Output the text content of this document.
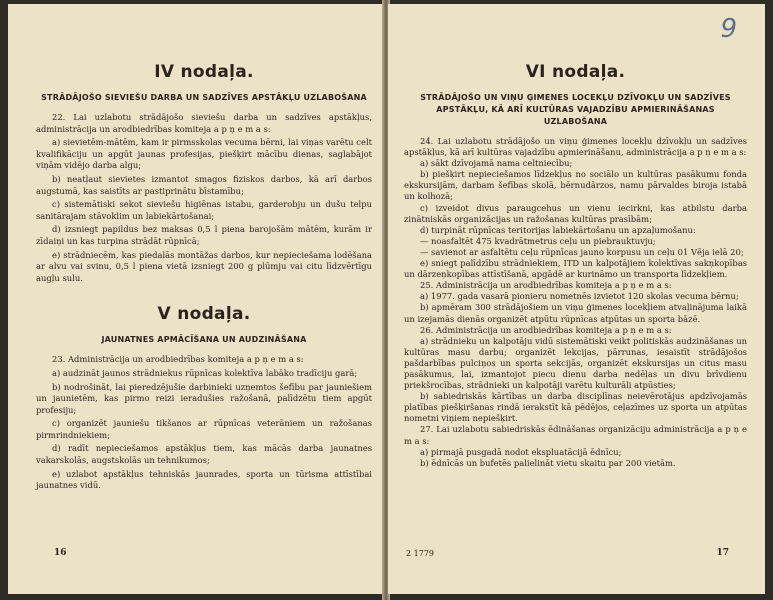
​
IV nodaļa.
STRĀDĀJOŠO SIEVIEŠU DARBA UN SADZĪVES APSTĀKĻU UZLABOŠANA

22. Lai uzlabotu strādājošo sieviešu darba un sadzīves apstākļus, administrācija un arodbiedrības komiteja a p ņ e m a s:

a) sievietēm-mātēm, kam ir pirmsskolas vecuma bērni, lai viņas varētu celt kvalifikāciju un apgūt jaunas profesijas, piešķirt mācību dienas, saglabājot viņām vidējo darba algu;

b) neatļaut sievietes izmantot smagos fiziskos darbos, kā arī darbos augstumā, kas saistīts ar pastiprinātu bīstamību;

c) sistemātiski sekot sieviešu higiēnas istabu, garderobju un dušu telpu sanitārajam stāvoklim un labiekārtošanai;

d) izsniegt papildus bez maksas 0,5 l piena barojošām mātēm, kurām ir zīdaiņi un kas turpina strādāt rūpnīcā;

e) strādniecēm, kas piedalās montāžas darbos, kur nepieciešama lodēšana ar alvu vai svinu, 0,5 l piena vietā izsniegt 200 g plūmju vai citu līdzvērtīgu augļu sulu.

V nodaļa.
JAUNATNES APMĀCĪŠANA UN AUDZINĀŠANA

23. Administrācija un arodbiedrības komiteja a p ņ e m a s:

a) audzināt jaunos strādniekus rūpnīcas kolektīva labāko tradīciju garā;

b) nodrošināt, lai pieredzējušie darbinieki uzņemtos šefību par jauniešiem un jaunietēm, kas pirmo reizi ieradušies ražošanā, palīdzētu tiem apgūt profesiju;

c) organizēt jauniešu tikšanos ar rūpnīcas veterāniem un ražošanas pirmrindniekiem;

d) radīt nepieciešamos apstākļus tiem, kas mācās darba jaunatnes vakarskolās, augstskolās un tehnikumos;

e) uzlabot apstākļus tehniskās jaunrades, sporta un tūrisma attīstībai jaunatnes vidū.

16
9
VI nodaļa.
STRĀDĀJOŠO UN VIŅU ĢIMENES LOCEKĻU DZĪVOKĻU UN SADZĪVES APSTĀKĻU, KĀ ARĪ KULTŪRAS VAJADZĪBU APMIERINĀŠANAS UZLABOŠANA

24. Lai uzlabotu strādājošo un viņu ģimenes locekļu dzīvokļu un sadzīves apstākļus, kā arī kultūras vajadzību apmierināšanu, administrācija a p ņ e m a s:

a) sākt dzīvojamā nama celtniecību;

b) piešķirt nepieciešamos līdzekļus no sociālo un kultūras pasākumu fonda ekskursijām, darbam šefības skolā, bērnudārzos, namu pārvaldes biroja istabā un kolhozā;

c) izveidot divus paraugcehus un vienu iecirkni, kas atbilstu darba zinātniskās organizācijas un ražošanas kultūras prasībām;

d) turpināt rūpnīcas teritorijas labiekārtošanu un apzaļumošanu:

— noasfaltēt 475 kvadrātmetrus ceļu un piebrauktuvju;

— savienot ar asfaltētu ceļu rūpnīcas jauno korpusu un ceļu 01 Vējа ielā 20;

e) sniegt palīdzību strādniekiem, ITD un kalpotājiem kolektīvas sakņkopības un dārzeņkopības attīstīšanā, apgādē ar kurināmo un transporta līdzekļiem.

25. Administrācija un arodbiedrības komiteja a p ņ e m a s:

a) 1977. gada vasarā pionieru nometnēs izvietot 120 skolas vecuma bērnu;

b) apmēram 300 strādājošiem un viņu ģimenes locekļiem atvaļinājuma laikā un izejamās dienās organizēt atpūtu rūpnīcas atpūtas un sporta bāzē.

26. Administrācija un arodbiedrības komiteja a p ņ e m a s:

a) strādnieku un kalpotāju vidū sistemātiski veikt politiskās audzināšanas un kultūras masu darbu; organizēt lekcijas, pārrunas, iesaistīt strādājošos pašdarbības pulciņos un sporta sekcijās, organizēt ekskursijas un citus masu pasākumus, lai, izmantojot piecu dienu darba nedēļas un divu brīvdienu priekšrocības, strādnieki un kalpotāji varētu kulturāli atpūsties;

b) sabiedriskās kārtības un darba disciplīnas neievērotājus apdzīvojamās platības piešķiršanas rindā ierakstīt kā pēdējos, ceļazīmes uz sporta un atpūtas nometni viņiem nepiešķirt.

27. Lai uzlabotu sabiedriskās ēdināšanas organizāciju administrācija a p ņ e m a s:

a) pirmajā pusgadā nodot ekspluatācijā ēdnīcu;

b) ēdnīcās un bufetēs palielināt vietu skaitu par 200 vietām.

2 1779	17
